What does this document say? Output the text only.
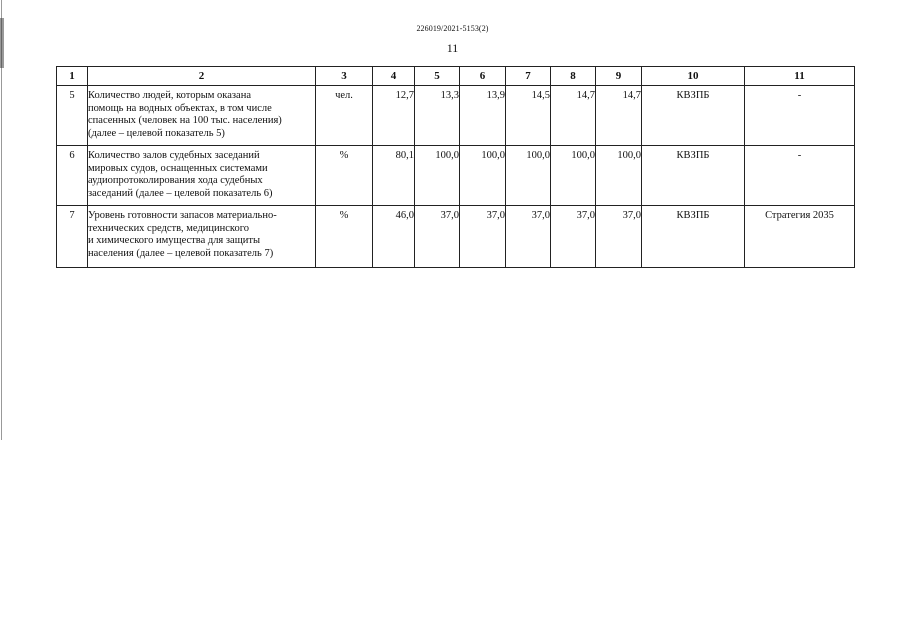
226019/2021-5153(2)
11
1	2	3	4	5	6	7	8	9	10	11
5	Количество людей, которым оказана
помощь на водных объектах, в том числе
спасенных (человек на 100 тыс. населения)
(далее – целевой показатель 5)	чел.	12,7	13,3	13,9	14,5	14,7	14,7	КВЗПБ	-
6	Количество залов судебных заседаний
мировых судов, оснащенных системами
аудиопротоколирования хода судебных
заседаний (далее – целевой показатель 6)	%	80,1	100,0	100,0	100,0	100,0	100,0	КВЗПБ	-
7	Уровень готовности запасов материально-
технических средств, медицинского
и химического имущества для защиты
населения (далее – целевой показатель 7)	%	46,0	37,0	37,0	37,0	37,0	37,0	КВЗПБ	Стратегия 2035
